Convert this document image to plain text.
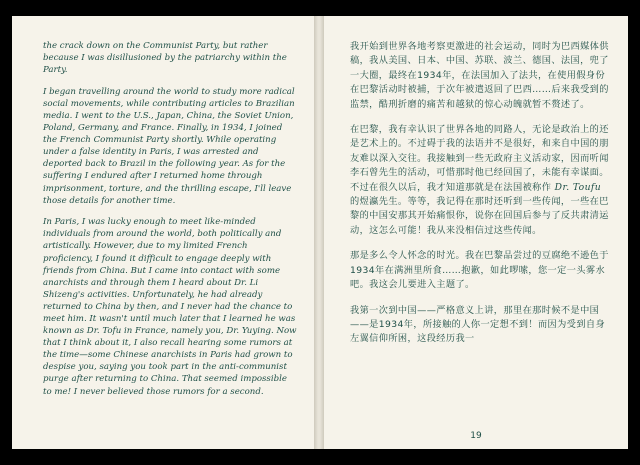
the crack down on the Communist Party, but rather because I was disillusioned by the patriarchy within the Party.

I began travelling around the world to study more radical social movements, while contributing articles to Brazilian media. I went to the U.S., Japan, China, the Soviet Union, Poland, Germany, and France. Finally, in 1934, I joined the French Communist Party shortly. While operating under a false identity in Paris, I was arrested and deported back to Brazil in the following year. As for the suffering I endured after I returned home through imprisonment, torture, and the thrilling escape, I'll leave those details for another time.

In Paris, I was lucky enough to meet like-minded individuals from around the world, both politically and artistically. However, due to my limited French proficiency, I found it difficult to engage deeply with friends from China. But I came into contact with some anarchists and through them I heard about Dr. Li Shizeng's activities. Unfortunately, he had already returned to China by then, and I never had the chance to meet him. It wasn't until much later that I learned he was known as Dr. Tofu in France, namely you, Dr. Yuying. Now that I think about it, I also recall hearing some rumors at the time—some Chinese anarchists in Paris had grown to despise you, saying you took part in the anti-communist purge after returning to China. That seemed impossible to me! I never believed those rumors for a second.

我开始到世界各地考察更激进的社会运动，同时为巴西媒体供稿，我从美国、日本、中国、苏联、波兰、德国、法国，兜了一大圈，最终在1934年，在法国加入了法共，在使用假身份在巴黎活动时被捕，于次年被遣返回了巴西……后来我受到的监禁，酷刑折磨的痛苦和越狱的惊心动魄就暂不赘述了。

在巴黎，我有幸认识了世界各地的同路人，无论是政治上的还是艺术上的。不过碍于我的法语并不是很好，和来自中国的朋友难以深入交往。我接触到一些无政府主义活动家，因而听闻李石曾先生的活动，可惜那时他已经回国了，未能有幸谋面。不过在很久以后，我才知道那就是在法国被称作 Dr. Toufu 的煜瀛先生。等等，我记得在那时还听到一些传闻，一些在巴黎的中国安那其开始痛恨你，说你在回国后参与了反共肃清运动，这怎么可能！我从来没相信过这些传闻。

那是多么令人怀念的时光。我在巴黎品尝过的豆腐绝不逊色于1934年在满洲里所食……抱歉，如此啰嗦，您一定一头雾水吧。我这会儿要进入主题了。

我第一次到中国——严格意义上讲，那里在那时候不是中国——是1934年，所接触的人你一定想不到！而因为受到自身左翼信仰所困，这段经历我一

19
